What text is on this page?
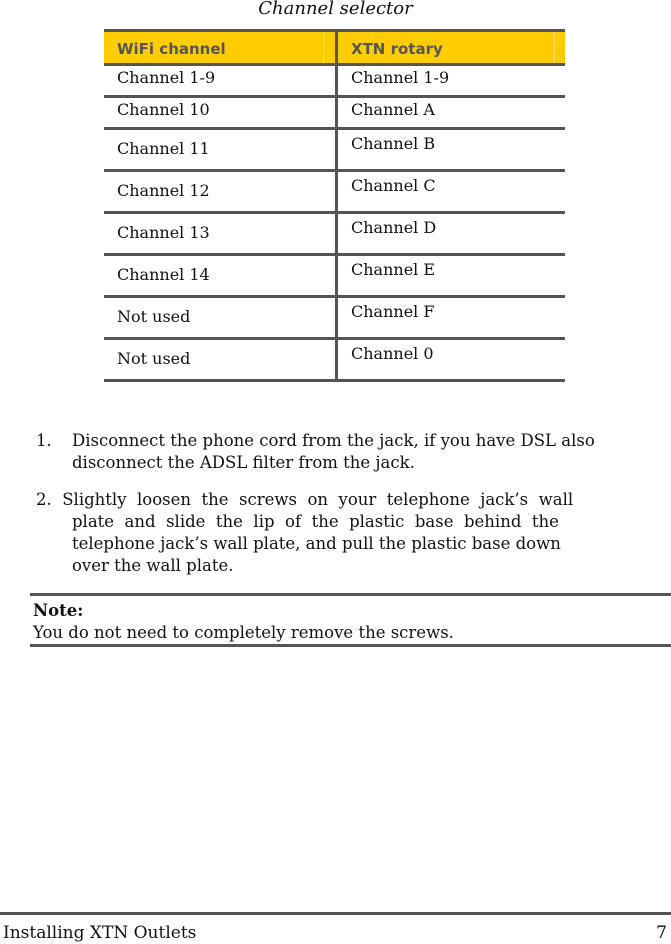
Channel selector
WiFi channel	XTN rotary
Channel 1-9	Channel 1-9
Channel 10	Channel A
Channel 11	Channel B
Channel 12	Channel C
Channel 13	Channel D
Channel 14	Channel E
Not used	Channel F
Not used	Channel 0
1. Disconnect the phone cord from the jack, if you have DSL also

disconnect the ADSL filter from the jack.
2. Slightly  loosen  the  screws  on  your  telephone  jack’s  wall
plate  and  slide  the  lip  of  the  plastic  base  behind  the
telephone jack’s wall plate, and pull the plastic base down
over the wall plate.
Note:
You do not need to completely remove the screws.
Installing XTN Outlets	7
